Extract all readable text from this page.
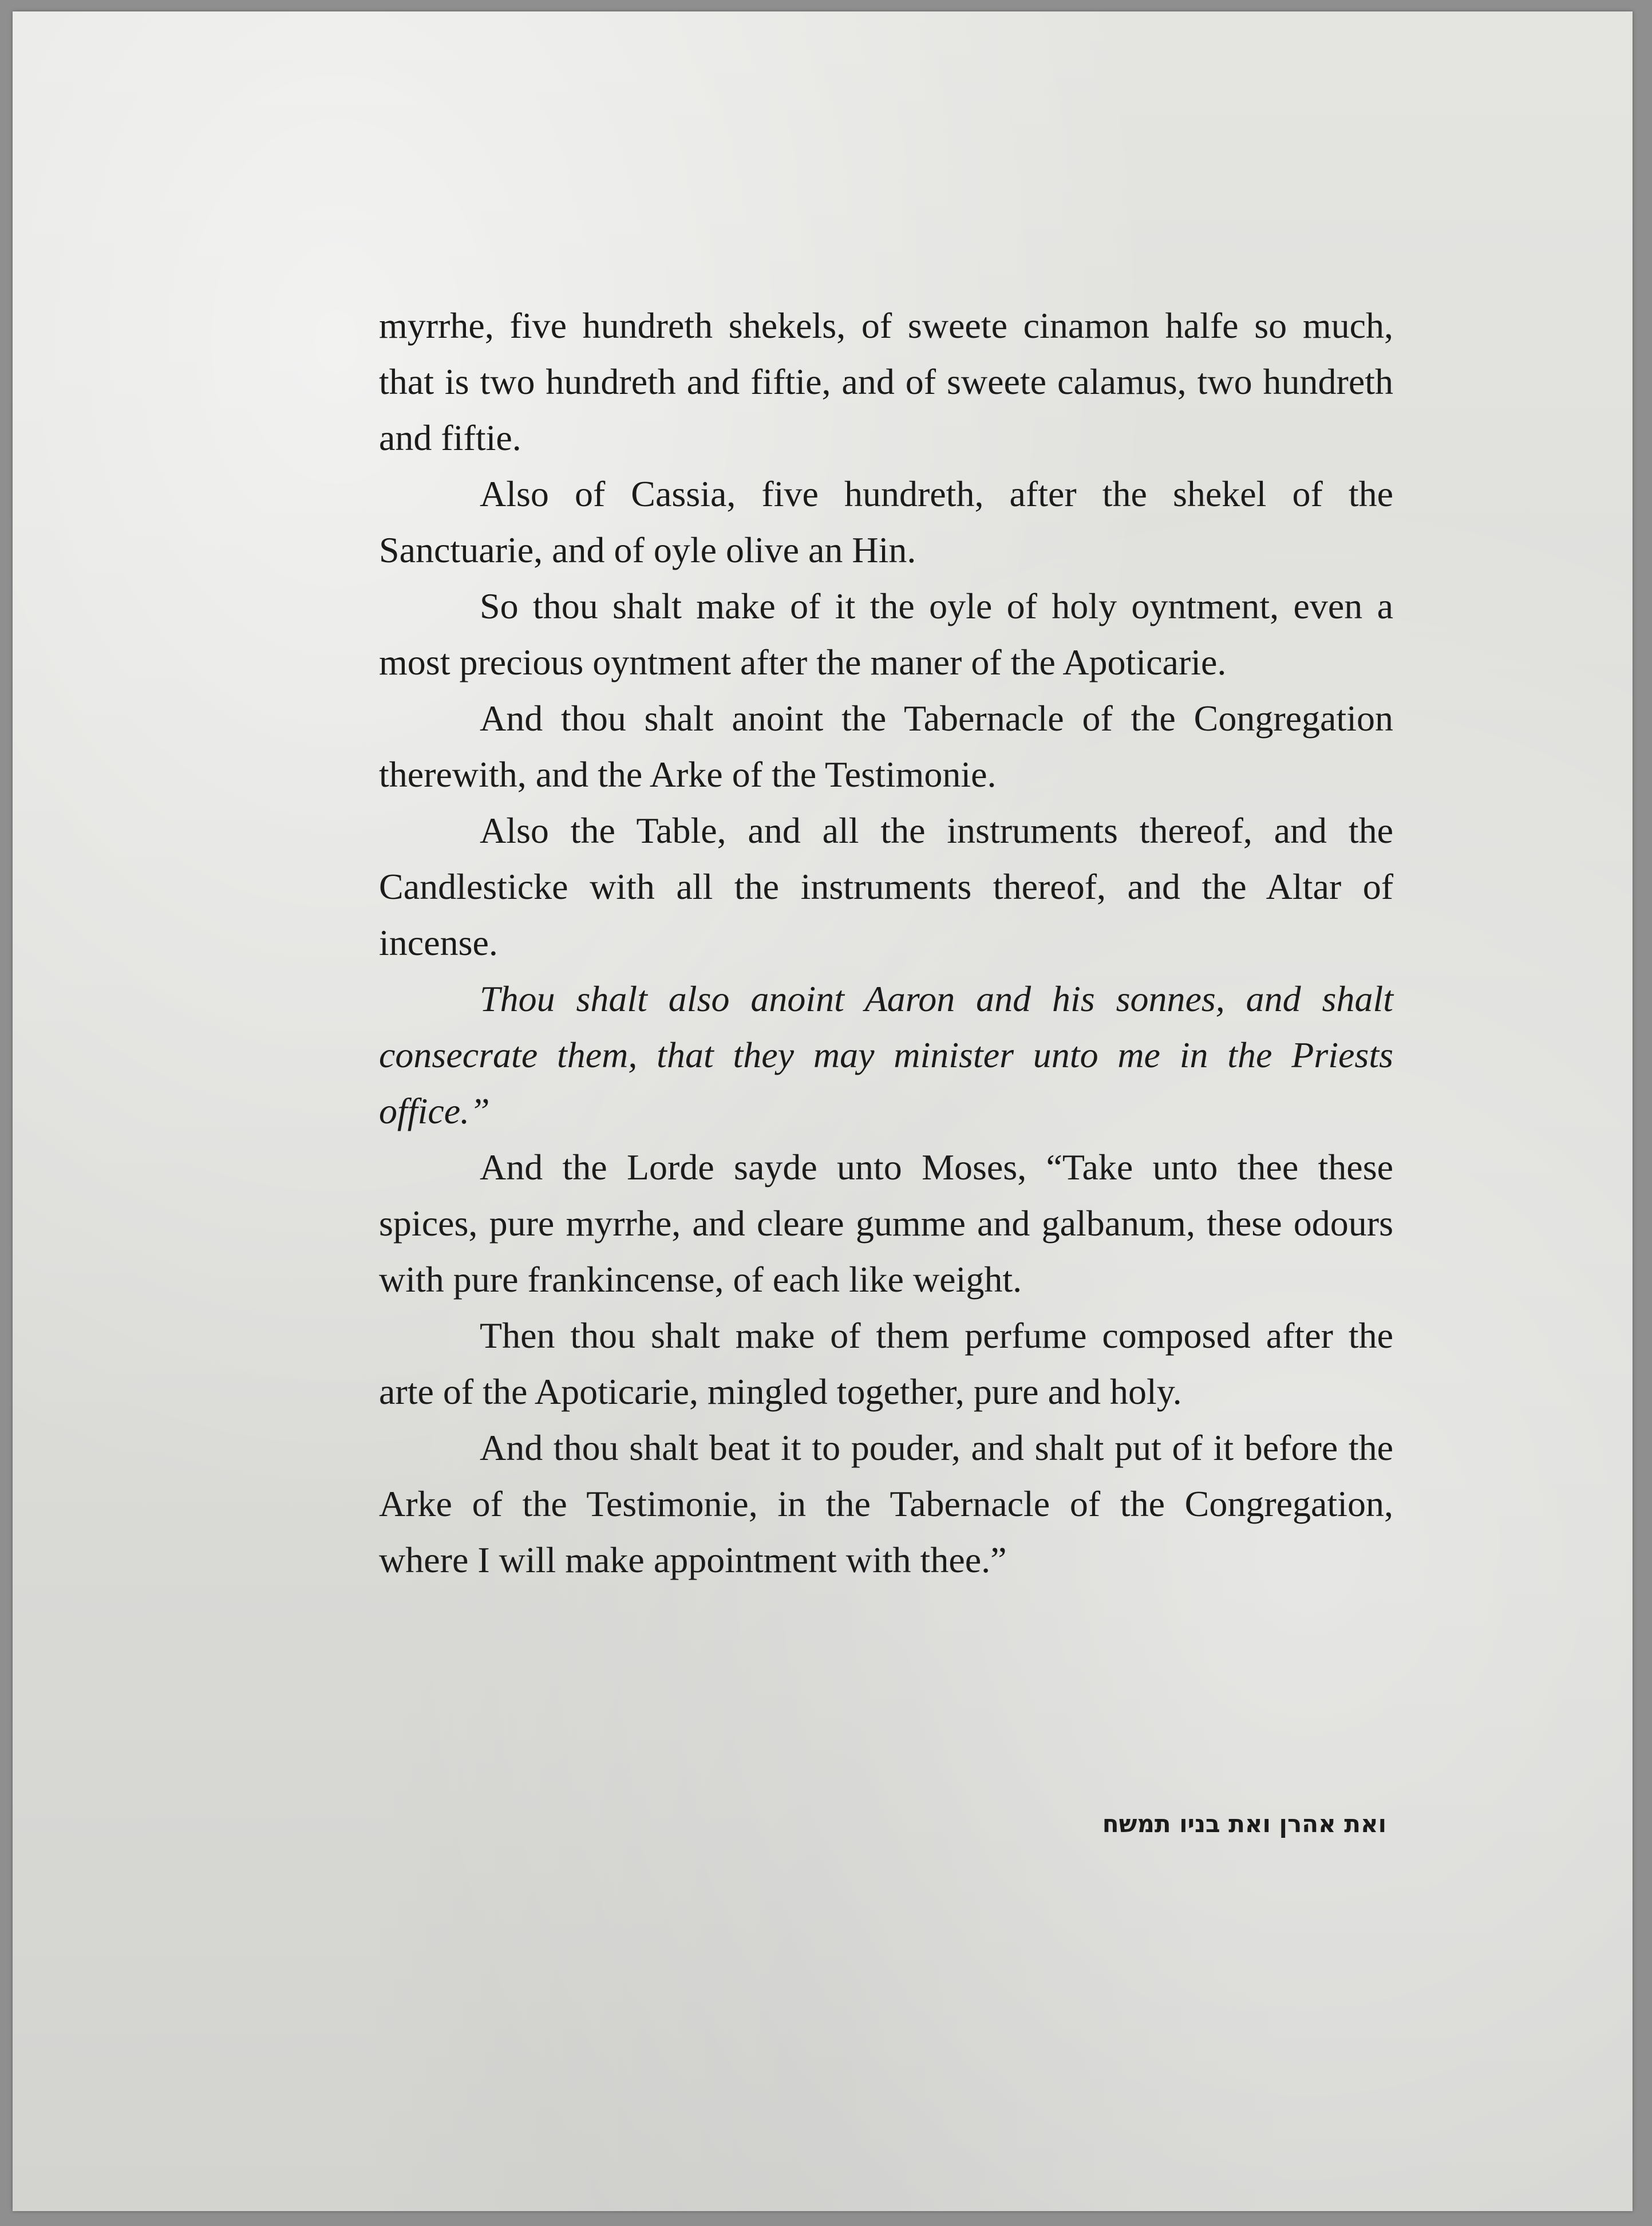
myrrhe, five hundreth shekels, of sweete cinamon halfe so much, that is two hundreth and fiftie, and of sweete calamus, two hundreth and fiftie.

Also of Cassia, five hundreth, after the shekel of the Sanctuarie, and of oyle olive an Hin.

So thou shalt make of it the oyle of holy oyntment, even a most precious oyntment after the maner of the Apoticarie.

And thou shalt anoint the Tabernacle of the Congregation therewith, and the Arke of the Testimonie.

Also the Table, and all the instruments thereof, and the Candlesticke with all the instruments thereof, and the Altar of incense.

Thou shalt also anoint Aaron and his sonnes, and shalt consecrate them, that they may minister unto me in the Priests office.”

And the Lorde sayde unto Moses, “Take unto thee these spices, pure myrrhe, and cleare gumme and galbanum, these odours with pure frankincense, of each like weight.

Then thou shalt make of them perfume composed after the arte of the Apoticarie, mingled together, pure and holy.

And thou shalt beat it to pouder, and shalt put of it before the Arke of the Testimonie, in the Tabernacle of the Congregation, where I will make appointment with thee.”

ואת אהרן ואת בניו תמשח
